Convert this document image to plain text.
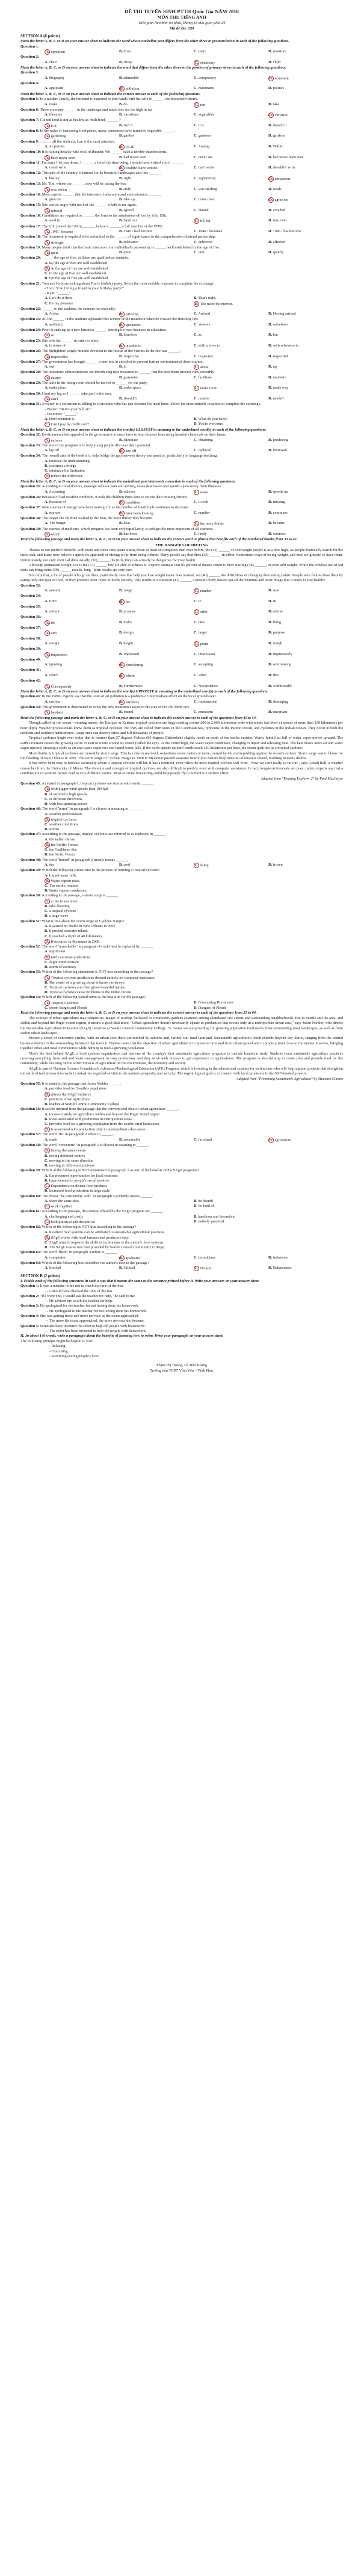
ĐỀ THI TUYỂN SINH PTTH Quốc Gia NĂM 2016
MÔN THI: TIẾNG ANH
Thời gian làm bài: 90 phút, không kể thời gian phát đề
Mã đề thi: 259
SECTION A (8 points)
Mark the letter A, B, C or D on your answer sheet to indicate the word whose underline part differs from the other three in pronunciation in each of the following questions.
Question 1:
A. opponent	B. drop	C. topic	D. moisture
Question 2:
A. chair	B. cheap	C. chemistry	D. child
Mark the letter A, B, C, or D on your answer sheet to indicate the word that differs from the other three in the position of primary stress in each of the following questions.
Question 3:
A. biography	B. admirable	C. compulsory	D. economic
Question 4:
A. applicant	B. pollution	C. maximum	D. politics
Mark the letter A, B, C, or D on your answer sheet to indicate the correct answer to each of the following questions.
Question 5: In a modern family, the husband is expected to join hands with his wife to ______ the household chores.
A. make	B. do	C. run	D. take
Question 6: There are many ______ in the landscape and much less are too high in fat.
A. illnesses	B. variations	C. vegetables	D. varieties
Question 7: Coined food is not as healthy as fresh food, ______ ?
A. is it	B. isn't it	C. it is	D. doesn't it
Question 8: In the wake of increasing food prices, many consumers have turned to vegetable ______.
A. gardening	B. garden	C. gardener	D. gardens
Question 9: ______ all the students, Lan is the most attentive.
A. As proven	B. Of all	C. Among	D. Within
Question 10: It is raining heavily with rolls of thunder. We ______ such a terrible thunderstorm.
A. have never seen	B. had never seen	C. never see	D. had never been seen
Question 11: I'm sorry I let you down, I ______ a lot of the time being. I would have visited you if ______.
A. could write	B. couldn't have written	C. can't write	D. shouldn't write
Question 12: This part of the country is famous for its beautiful landscapes and fine ______.
A. history	B. sight	C. sightseeing	D. attractions
Question 13: Mr. Tim, whose car ______, now will be taking the bus.
A. was stolen	B. stole	C. was stealing	D. steals
Question 14: Most experts ______ that the interests of education and entertainment ______.
A. give out	B. take up	C. come over	D. agree on
Question 15: She was so angry with me that she ______ to talk to me again.
A. refused	B. agreed	C. denied	D. avoided
Question 16: Candidates are required to ______ the form to the admissions officer by July 15th.
A. send in	B. hand out	C. fill out	D. turn over
Question 17: The U.S. joined the UN in ______, before it ______ a full member of the WTO.
A. 1945 / became	B. 1945 / had become	C. 1946 / becomes	D. 1945 / has become
Question 18: The document is required to be submitted to the ______ of significance to the comprehensive bilateral partnership.
A. strategic	B. relevance	C. delivered	D. affected
Question 19: Many people think that the basic structure of an individual's personality is ______ well established by the age of five.
A. quite	B. quiet	C. quit	D. quietly
Question 20: ______ the age of five, children are qualified as students.
A. By the age of five are well established
B. At the age of five are well established
C. In the age of five are well established
D. For the age of five are well established
Question 21: Tom and Kyle are talking about Tom's birthday party. Select the most suitable response to complete the exchange.
- Tom: "Can I bring a friend to your birthday party?"
- Kyle: "______"
A. Let's do it then.	B. That's right.
C. It's my pleasure.	D. The more the merrier.
Question 22: ______ to the stadium, the runners ran excitedly.
A. Arrive	B. Arriving	C. Arrived	D. Having arrived
Question 23: All the ______ in the stadium applauded the winner of the marathon when he crossed the finishing line.
A. audience	B. spectators	C. viewers	D. onlookers
Question 24: Peter is starting up a new business, ______ starting his own business in education.
A. so	B. therefore	C. as	D. but
Question 25: She took his ______ in order to relax.
A. in terms of	B. in order to	C. with a view to	D. with reference to
Question 26: The firefighters' single-minded devotion to the rescue of the victims in the fire was ______.
A. respectable	B. respective	C. respected	D. respectful
Question 27: The government has brought ______ a new law in an effort to prevent further environmental deterioration.
A. out	B. in	C. about	D. up
Question 28: The university administrations are introducing new measures to ______ that the enrolment process runs smoothly.
A. ensure	B. guarantee	C. facilitate	D. maintain
Question 29: The table in the living room should be moved to ______ for the party.
A. make place	B. make space	C. make room	D. make way
Question 30: I hurt my leg so I ______ take part in the race.
A. can't	B. shouldn't	C. mustn't	D. needn't
Question 31: A waiter in a restaurant is talking to a customer who has just finished his meal there. Select the most suitable response to complete the exchange.
- Waiter: "Here's your bill, sir."
- Customer: "______"
A. Don't mention it.	B. What do you have?
C. Can I pay by credit card?	D. You're welcome.
Mark the letter A, B, C, or D on your answer sheet to indicate the word(s) CLOSEST in meaning to the underlined word(s) in each of the following questions.
Question 32: Environmentalists appealed to the government to enact laws to stop farmers from using harmful chemicals on their farms.
A. enforce	B. eliminate	C. obtaining	D. producing
Question 33: The aim of the program is to help young people discover their potential.
A. lay off	B. pay off	C. replaced	D. reviewed
Question 34: The overall aim of the book is to help bridge the gap between theory and practice, particularly in language teaching.
A. increase the understanding
B. construct a bridge
C. minimize the limitation
D. reduce the difference
Mark the letter A, B, C, or D on your answer sheet to indicate the underlined part that needs correction in each of the following questions.
Question 35: According to most doctors, massage relieves pain and anxiety, eases depression and speeds up recovery from illnesses.
A. According	B. relieves	C. eases	D. speeds up
Question 36: Because of bad weather condition, it took the children three days to rescue their missing friends.
A. Because of	B. condition	C. it took	D. missing
Question 37: New sources of energy have been looking for as the number of fossil fuels continues to decrease.
A. sources	B. have been looking	C. number	D. continues
Question 38: The longer the children walked in the heat, the more thirsty they became.
A. The longer	B. heat	C. the more thirsty	D. became
Question 39: The science of medicine, which progress has been very rapid lately, is perhaps the most important of all sciences.
A. which	B. has been	C. lately	D. sciences
Read the following passage and mark the letter A, B, C, or D on your answer sheet to indicate the correct word or phrase that best fits each of the numbered blanks from 33 to 42.
THE DANGERS OF DIETING
Thanks to our modern lifestyle, with more and more time spent sitting down in front of computers than ever before, the (33) ______ of overweight people is at a new high. As people frantically search for the latest diet, and many now believe a quick-fix approach of dieting is far from being offered. Many people say that diets (35) ______ in effect. Sometimes ways of losing weight, and they are grateful to have them. Unfortunately, not only don't fad diets usually (36) ______ the trick, they can actually be dangerous for your health.
Although permanent weight loss is the (37) ______ few are able to achieve it. Experts estimate that 95 percent of dieters return to their starting (38) ______, or even add weight. While the reckless use of fad diets can bring some (39) ______ results, long - term results are very rare.
Not only that, a lot of people who go on diets, particularly ones that help you lose weight faster than normal, are (40) ______ the difficulties of changing their eating habits. People who follow these diets by eating only one type of food, or they prohibit other types of foods entirely. This results in a situation (41) ______ a person's body doesn't get all the vitamins and other things that it needs to stay healthy.
Question 33:
A. amount	B. range	C. number	D. sum
Question 34:
A. from	B. for	C. to	D. in
Question 35:
A. submit	B. propose	C. offer	D. advise
Question 36:
A. do	B. make	C. take	D. bring
Question 37:
A. aim	B. design	C. target	D. purpose
Question 38:
A. weight	B. height	C. point	D. weigh
Question 39:
A. impressive	B. impressed	C. impression	D. impressively
Question 40:
A. ignoring	B. considering	C. accepting	D. overlooking
Question 41:
A. which	B. where	C. when	D. that
Question 42:
A. Consequently	B. Furthermore	C. Nevertheless	D. Additionally
Mark the letter A, B, C, or D on your answer sheet to indicate the word(s) OPPOSITE in meaning to the underlined word(s) in each of the following questions.
Question 43: In the 1980s, experts say that the issue of air pollution is a problem of intermediate effect on the local groundwater.
A. nuclear	B. harmless	C. fundamental	D. damaging
Question 44: The government is determined to solve the new residential assets in the area of Ho Chi Minh city.
A. hesitant	B. intend	C. persistent	D. uncertain
Read the following passage and mark the letter A, B, C, or D on your answer sheet to indicate the correct answer to each of the questions from 45 to 54.
Though called by the ocean - warning names like Enrique or Katrina, tropical cyclones are huge rotating storms 200 to 2,000 kilometers wide with winds that blow at speeds of more than 100 kilometers per hour (kph). Weather professionals know them as tropical cyclones, but they are called hurricanes in the Caribbean Sea, typhoons in the Pacific Ocean, and cyclones in the Indian Ocean. They occur in both the northern and southern hemispheres. Large ones can destroy cities and kill thousands of people.
Tropical cyclones begin over water that is warmer than 27 degrees Celsius (80 degrees Fahrenheit) slightly north or south of the earth's equator. Warm, humid air full of water vapor moves upward. The earth's rotation causes the growing storm to start to rotate around its center (called the eye). At the center high, the water vapor condenses, changing to liquid and releasing heat. The heat draws more air and water vapor upward, creating a cycle as air and water vapor rise and liquid water falls. If the cycle speeds up until winds reach 120 kilometers per hour, the storm qualifies as a tropical cyclone.
Most deaths in tropical cyclones are caused by storm surge. This is a rise in sea level, sometimes seven meters or more, caused by the storm pushing against the ocean's surface. Storm surge was to blame for the flooding of New Orleans in 2005. The storm surge of Cyclone Nargis in 2008 in Myanmar pushed seawater nearly four meters deep more 40 kilometers inland, resulting in many deaths.
It has never been easy to forecast accurately where a tropical cyclone will hit. It has a tradition, even when the most tropical cyclone will form. "Now we can't really so far out", says Gerald Bell, a weather researcher from the University of Miami. The duration and strength of tropical cyclones are also difficult to predict, even with computer assistance. In fact, long-term forecasts are poor; rather, experts say that a combination of weather factors lead to very different storms. Most accurate forecasting could help people fly to minimize a storm's effect.
Adapted from "Reading Explorer 2" by Paul MacIntyre
Question 45: As stated in paragraph 1, tropical cyclones are storms with winds ______.
A. with bigger wind speeds than 100 kph
B. of extremely high speeds
C. of different directions
D. with less spinning action
Question 46: The word "terror" in paragraph 1 is closest in meaning to ______.
A. weather professionals
B. tropical cyclones
C. weather conditions
D. storms
Question 47: According to the passage, tropical cyclones are referred to as typhoons in ______.
A. the Indian Ocean
B. the Pacific Ocean
C. the Caribbean Sea
D. the Arctic Ocean
Question 48: The word "humid" in paragraph 2 mostly means ______.
A. dry	B. cool	C. damp	D. frozen
Question 49: Which the following comes first in the process of forming a tropical cyclone?
A. Liquid water falls.
B. Water vapour rises.
C. The earth's rotation
D. Water vapour condenses.
Question 50: According to the passage, a storm surge is ______.
A. a rise in sea level
B. tidal flooding
C. a tropical cyclone
D. a large wave
Question 51: What is true about the storm surge of Cyclone Nargis?
A. It caused no deaths in New Orleans in 2005.
B. It pushed seawater inland.
C. It reached a depth of 40 kilometers.
D. It occurred in Myanmar in 2008.
Question 52: The word "remarkable" in paragraph 4 could best be replaced by ______.
A. significant
B. fairly accurate predictions
C. slight improvement
D. storm of accuracy
Question 53: Which of the following statements is NOT true according to the passage?
A. Tropical cyclone predictions depend entirely on computer assistance.
B. The center of a growing storm is known as its eye.
C. Tropical cyclones are often given beautiful names.
D. Tropical cyclones cause problems in the Indian Ocean.
Question 54: Which of the following would serve as the best title for the passage?
A. Tropical Cyclones	B. Forecasting Hurricanes
C. Storm Surges and Floods	D. Dangers of Floods
Read the following passage and mark the letter A, B, C, or D on your answer sheet to indicate the correct answer to each of the questions from 55 to 64.
The concept of urban agriculture may conjure up images of rooftop, backyard or community gardens scattered among abandoned city streets and surrounding neighborhoods. But in Seattle and the area, and within and beyond the Puget Sound region, it means a good deal more. "Urban agriculture doesn't necessarily equate to production that occurs only in a metropolitan urban area," says Jason Niebler, who directs the Sustainable Agriculture Education (SAgE) Initiative at Seattle Central Community College. "It means we are providing for growing population food needs from surrounding rural landscapes, as well as from within urban landscapes."
Picture a series of concentric circles, with an urban core that's surrounded by suburbs and, further out, rural farmland. Sustainable agriculture's reach extends beyond city limits, ranging from the central business district to the surrounding farmland that feeds it. Niebler notes that the objective of urban agriculture is to preserve farmland from urban sprawl and to produce food close to the market it serves, bringing together urban and rural communities while helping to feed a growing population.
That's the idea behind SAgE, a food systems organization that has one of the country's first sustainable agriculture programs to include hands-on study. Students learn sustainable agriculture practices covering everything from soil and water management to crop production, and they work with farmers to get experience in agribusiness. The program is also helping to create jobs and provide food for the community, while focusing on the wider impacts of agriculture on the environment, the economy and society.
SAgE is part of National Science Foundation's Advanced Technological Education (ATE) Program, which is investing in the educational systems for technicians who will help support projects that strengthen the skills of technicians who work in industries regarded as vital to the nation's prosperity and security. The urgent logical goal is to connect with local producers in the NSF-funded projects.
Adapted from "Promoting Sustainable Agriculture" by Mariano Cimino
Question 55: It is stated in the passage that Jason Niebler ______.
A. provides food for Seattle's population
B. directs the SAgE Initiative
C. practices urban agriculture
D. teaches at Seattle Central Community College
Question 56: It can be inferred from the passage that the conventional idea of urban agriculture ______.
A. focuses mainly on agriculture within and beyond the Puget Sound region
B. is not associated with production in metropolitan areas
C. provides food for a growing population from the nearby rural landscapes
D. is associated with production only in metropolitan urban areas
Question 57: The word "its" in paragraph 2 refers to ______.
A. reach	B. sustainable	C. farmland	D. agriculture
Question 58: The word "concentric" in paragraph 2 is closest in meaning to ______.
A. having the same centre
B. having different centres
C. moving in the same direction
D. moving in different directions
Question 59: Which of the following is NOT mentioned in paragraph 3 as one of the benefits of the SAgE programs?
A. Employment opportunities for local residents
B. Improvement in people's social position
C. Dependence on distant food products
D. Increased food production in large scale
Question 60: The phrase "be partnership with" in paragraph 4 probably means ______.
A. share the same idea	B. be friends
C. work together	D. be fond of
Question 61: According to the passage, the courses offered by the SAgE program are ______.
A. challenging and costly	B. hands-on and theoretical
C. both practical and theoretical	D. entirely practical
Question 62: Which of the following is NOT true according to the passage?
A. Resilient food systems can be attributed to sustainable agricultural practices.
B. SAgE works with local farmers and producers only.
C. SAgE aims to improve the skills of technicians in the nation's food systems.
D. The SAgE course was first provided by Seattle Central Community College.
Question 63: The word "them" in paragraph 4 refers to ______.
A. companies	B. graduates	C. technicians	D. industries
Question 64: Which of the following best describes the author's tone in the passage?
A. Ironical	B. Critical	C. Neutral	D. Enthusiastic
SECTION B (2 points)
I. Finish each of the following sentences in such a way that it means the same as the sentence printed before it. Write your answers on your answer sheet.
Question 1: It was a mistake of me not to check the time of the bus.
→ I should have checked the time of the bus.
Question 2: "If I were you, I would ask the teacher for help," he said to me.
→ He advised me to ask the teacher for help.
Question 3: He apologized for the teacher for not having done his homework.
→ He apologized to the teacher for not having done his homework.
Question 4: She was getting more and more nervous as the exam approached.
→ The more the exam approached, the more nervous she became.
Question 5: Scientists have invented the robot to help old people with housework.
→ The robot has been invented to help old people with housework.
II. In about 140 words, write a paragraph about the benefits of learning how to swim. Write your paragraph on your answer sheet.
The following prompts might be helpful to you:
- Relaxing
- Exercising
- Surviving/saving people's lives
Phạm Thị Hoàng, Lê Tiểu Hoàng
Trường tiểu THPT Vĩnh Yên – Vĩnh Phúc
